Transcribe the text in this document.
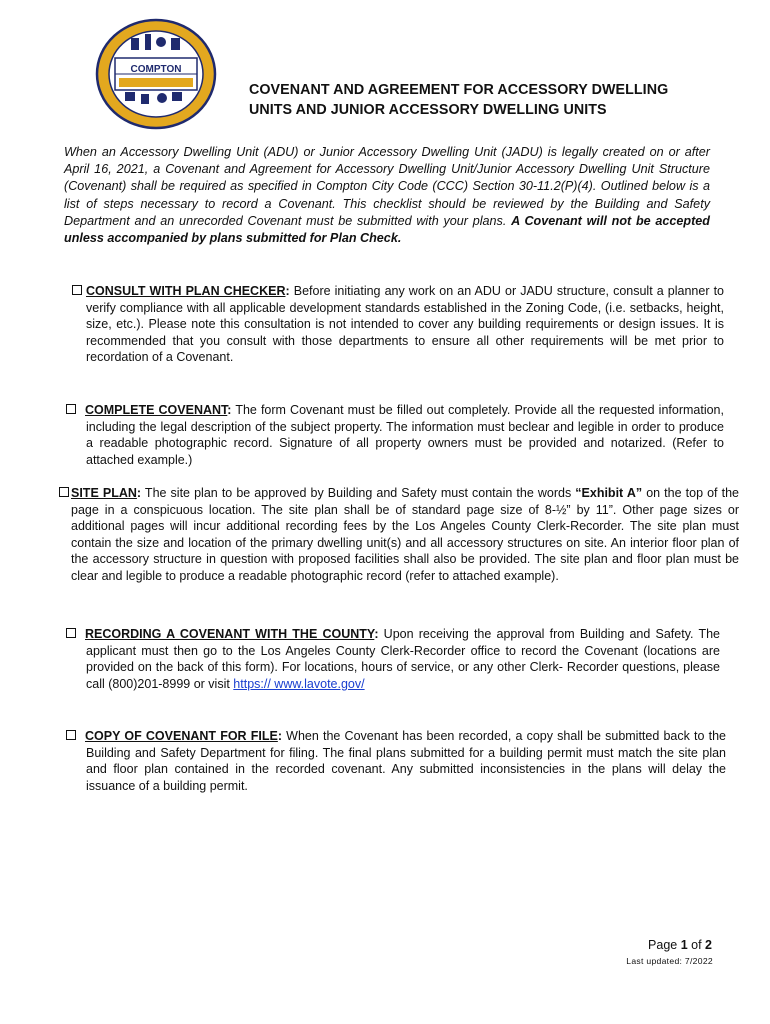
COMPTON
COVENANT AND AGREEMENT FOR ACCESSORY DWELLING
UNITS AND JUNIOR ACCESSORY DWELLING UNITS
When an Accessory Dwelling Unit (ADU) or Junior Accessory Dwelling Unit (JADU) is legally created on or after April 16, 2021, a Covenant and Agreement for Accessory Dwelling Unit/Junior Accessory Dwelling Unit Structure (Covenant) shall be required as specified in Compton City Code (CCC) Section 30-11.2(P)(4). Outlined below is a list of steps necessary to record a Covenant. This checklist should be reviewed by the Building and Safety Department and an unrecorded Covenant must be submitted with your plans. A Covenant will not be accepted unless accompanied by plans submitted for Plan Check.
CONSULT WITH PLAN CHECKER: Before initiating any work on an ADU or JADU structure, consult a planner to verify compliance with all applicable development standards established in the Zoning Code, (i.e. setbacks, height, size, etc.). Please note this consultation is not intended to cover any building requirements or design issues. It is recommended that you consult with those departments to ensure all other requirements will be met prior to recordation of a Covenant.
COMPLETE COVENANT: The form Covenant must be filled out completely. Provide all the requested information, including the legal description of the subject property. The information must beclear and legible in order to produce a readable photographic record. Signature of all property owners must be provided and notarized. (Refer to attached example.)
SITE PLAN: The site plan to be approved by Building and Safety must contain the words “Exhibit A” on the top of the page in a conspicuous location. The site plan shall be of standard page size of 8-½” by 11”. Other page sizes or additional pages will incur additional recording fees by the Los Angeles County Clerk-Recorder. The site plan must contain the size and location of the primary dwelling unit(s) and all accessory structures on site. An interior floor plan of the accessory structure in question with proposed facilities shall also be provided. The site plan and floor plan must be clear and legible to produce a readable photographic record (refer to attached example).
RECORDING A COVENANT WITH THE COUNTY: Upon receiving the approval from Building and Safety. The applicant must then go to the Los Angeles County Clerk-Recorder office to record the Covenant (locations are provided on the back of this form). For locations, hours of service, or any other Clerk- Recorder questions, please call (800)201-8999 or visit https:// www.lavote.gov/
COPY OF COVENANT FOR FILE: When the Covenant has been recorded, a copy shall be submitted back to the Building and Safety Department for filing. The final plans submitted for a building permit must match the site plan and floor plan contained in the recorded covenant. Any submitted inconsistencies in the plans will delay the issuance of a building permit.
Page 1 of 2
Last updated: 7/2022
